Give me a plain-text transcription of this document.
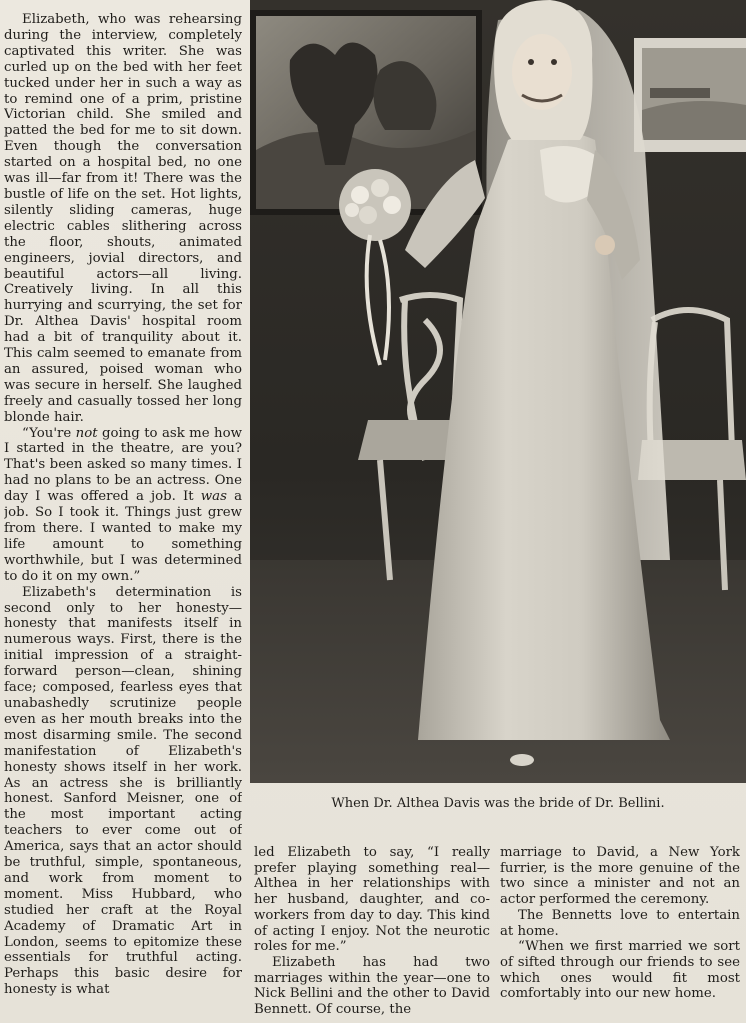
Elizabeth, who was rehearsing during the interview, completely captivated this writer. She was curled up on the bed with her feet tucked under her in such a way as to remind one of a prim, pristine Victorian child. She smiled and patted the bed for me to sit down. Even though the conversation started on a hospital bed, no one was ill—far from it! There was the bustle of life on the set. Hot lights, silently sliding cameras, huge electric cables slithering across the floor, shouts, animated engineers, jovial directors, and beautiful actors—all living. Creatively living. In all this hurrying and scurrying, the set for Dr. Althea Davis' hospital room had a bit of tranquility about it. This calm seemed to emanate from an assured, poised woman who was secure in herself. She laughed freely and casually tossed her long blonde hair.

“You're not going to ask me how I started in the theatre, are you? That's been asked so many times. I had no plans to be an actress. One day I was offered a job. It was a job. So I took it. Things just grew from there. I wanted to make my life amount to something worthwhile, but I was determined to do it on my own.”

Elizabeth's determination is second only to her honesty—honesty that manifests itself in numerous ways. First, there is the initial impression of a straight-forward person—clean, shining face; composed, fearless eyes that unabashedly scrutinize people even as her mouth breaks into the most disarming smile. The second manifestation of Elizabeth's honesty shows itself in her work. As an actress she is brilliantly honest. Sanford Meisner, one of the most important acting teachers to ever come out of America, says that an actor should be truthful, simple, spontaneous, and work from moment to moment. Miss Hubbard, who studied her craft at the Royal Academy of Dramatic Art in London, seems to epitomize these essentials for truthful acting. Perhaps this basic desire for honesty is what

When Dr. Althea Davis was the bride of Dr. Bellini.

led Elizabeth to say, “I really prefer playing something real—Althea in her relationships with her husband, daughter, and co-workers from day to day. This kind of acting I enjoy. Not the neurotic roles for me.”

Elizabeth has had two marriages within the year—one to Nick Bellini and the other to David Bennett. Of course, the

marriage to David, a New York furrier, is the more genuine of the two since a minister and not an actor performed the ceremony.

The Bennetts love to entertain at home.

“When we first married we sort of sifted through our friends to see which ones would fit most comfortably into our new home.
